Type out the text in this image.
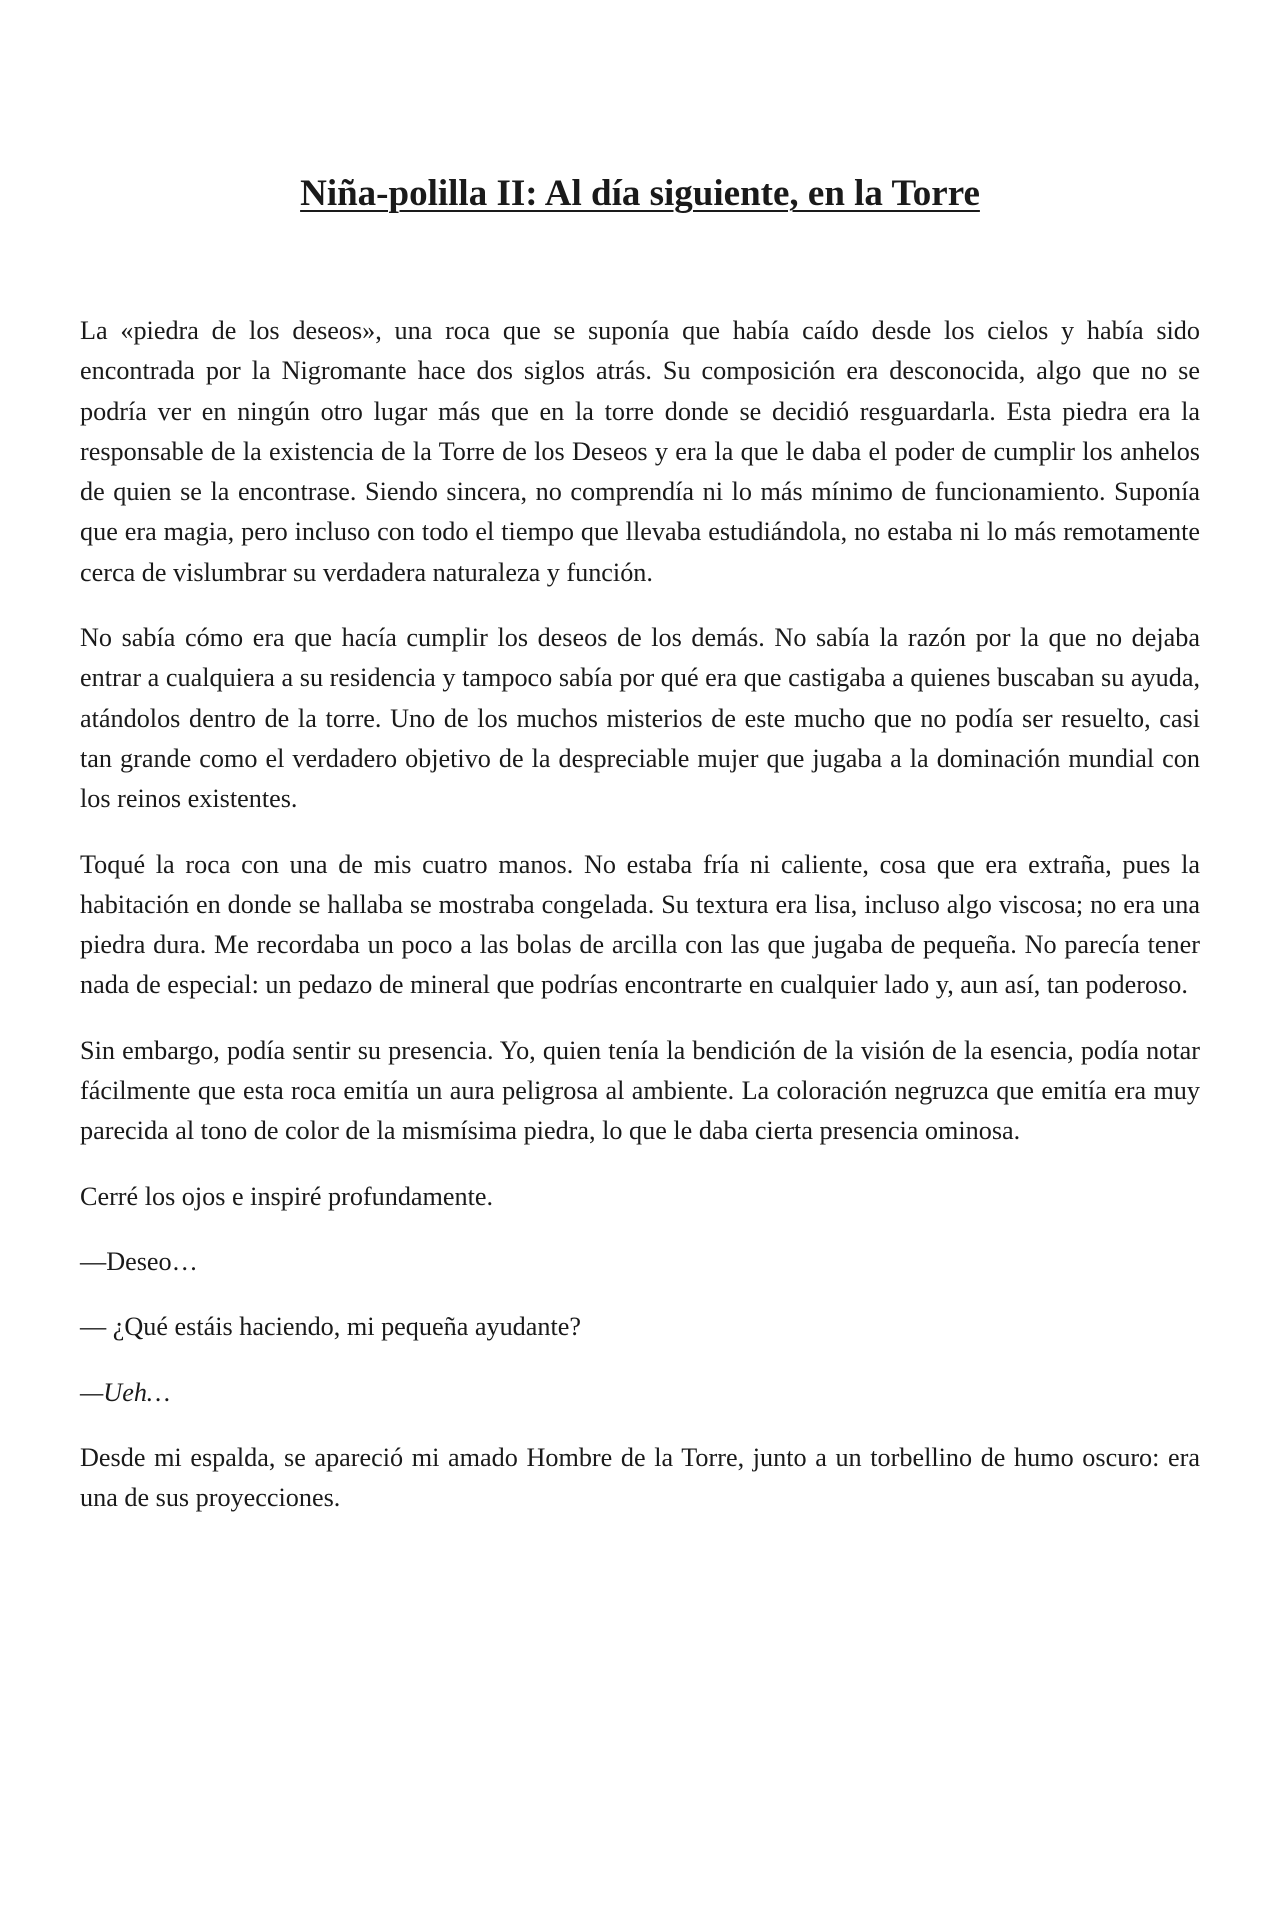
Niña-polilla II: Al día siguiente, en la Torre

La «piedra de los deseos», una roca que se suponía que había caído desde los cielos y había sido encontrada por la Nigromante hace dos siglos atrás. Su composición era desconocida, algo que no se podría ver en ningún otro lugar más que en la torre donde se decidió resguardarla. Esta piedra era la responsable de la existencia de la Torre de los Deseos y era la que le daba el poder de cumplir los anhelos de quien se la encontrase. Siendo sincera, no comprendía ni lo más mínimo de funcionamiento. Suponía que era magia, pero incluso con todo el tiempo que llevaba estudiándola, no estaba ni lo más remotamente cerca de vislumbrar su verdadera naturaleza y función.

No sabía cómo era que hacía cumplir los deseos de los demás. No sabía la razón por la que no dejaba entrar a cualquiera a su residencia y tampoco sabía por qué era que castigaba a quienes buscaban su ayuda, atándolos dentro de la torre. Uno de los muchos misterios de este mucho que no podía ser resuelto, casi tan grande como el verdadero objetivo de la despreciable mujer que jugaba a la dominación mundial con los reinos existentes.

Toqué la roca con una de mis cuatro manos. No estaba fría ni caliente, cosa que era extraña, pues la habitación en donde se hallaba se mostraba congelada. Su textura era lisa, incluso algo viscosa; no era una piedra dura. Me recordaba un poco a las bolas de arcilla con las que jugaba de pequeña. No parecía tener nada de especial: un pedazo de mineral que podrías encontrarte en cualquier lado y, aun así, tan poderoso.

Sin embargo, podía sentir su presencia. Yo, quien tenía la bendición de la visión de la esencia, podía notar fácilmente que esta roca emitía un aura peligrosa al ambiente. La coloración negruzca que emitía era muy parecida al tono de color de la mismísima piedra, lo que le daba cierta presencia ominosa.

Cerré los ojos e inspiré profundamente.

—Deseo…

— ¿Qué estáis haciendo, mi pequeña ayudante?

—Ueh…

Desde mi espalda, se apareció mi amado Hombre de la Torre, junto a un torbellino de humo oscuro: era una de sus proyecciones.
